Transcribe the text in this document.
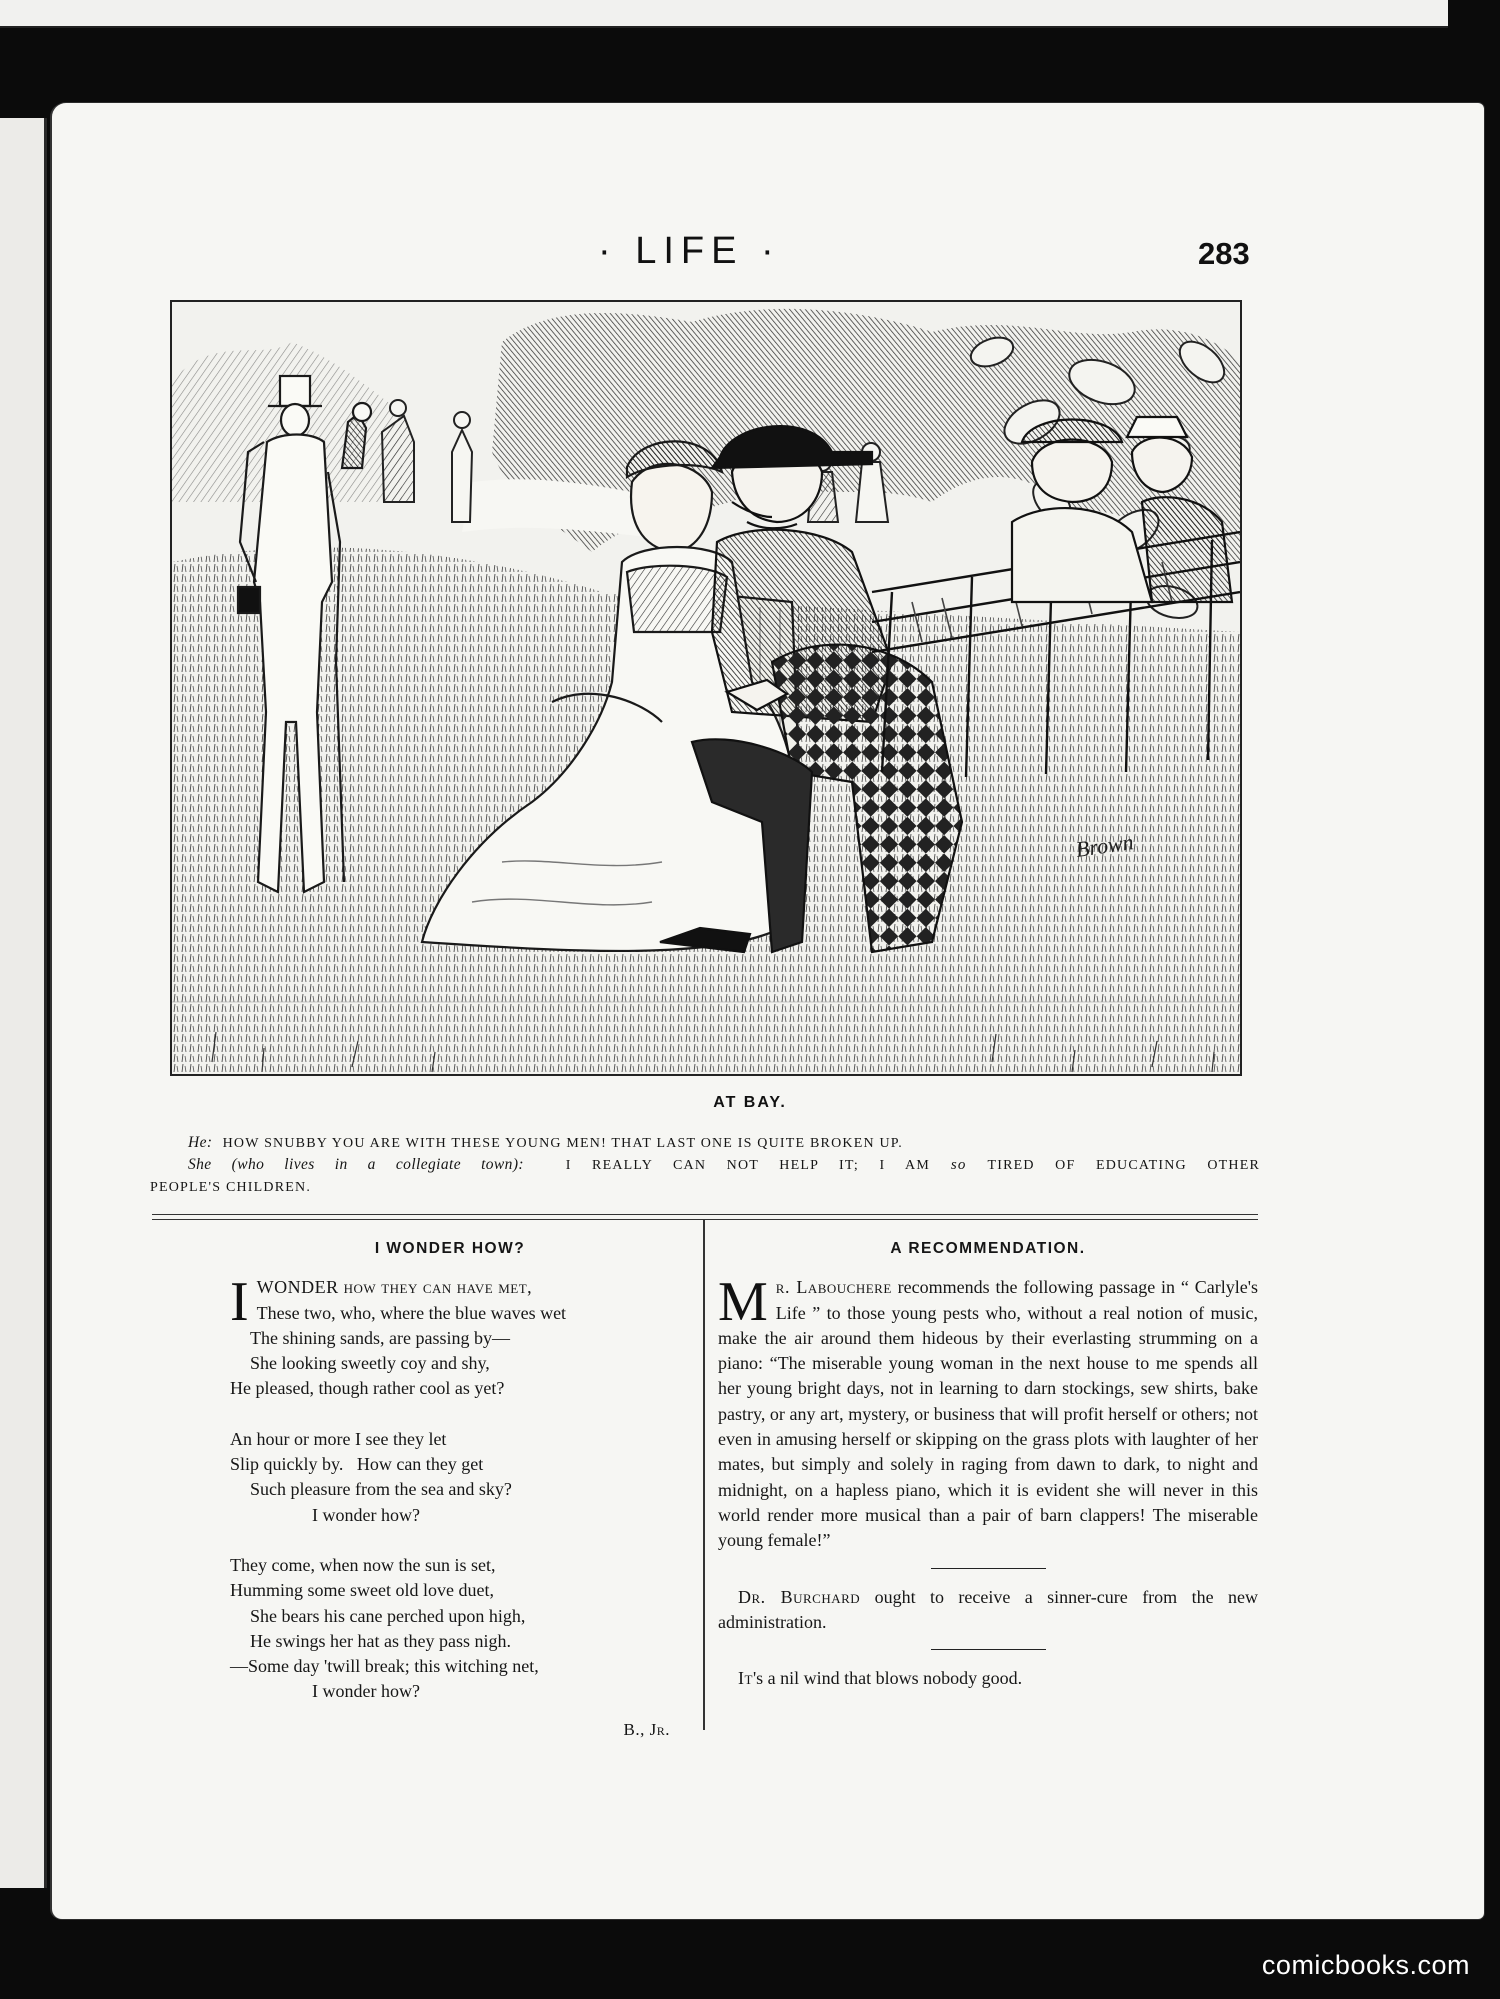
· LIFE ·	283
Brown
AT BAY.
He: HOW SNUBBY YOU ARE WITH THESE YOUNG MEN! THAT LAST ONE IS QUITE BROKEN UP.
She (who lives in a collegiate town):	I REALLY CAN NOT HELP IT; I AM so TIRED OF EDUCATING OTHER
PEOPLE'S CHILDREN.
I WONDER HOW?
I WONDER how they can have met,
These two, who, where the blue waves wet
The shining sands, are passing by—
She looking sweetly coy and shy,
He pleased, though rather cool as yet?
An hour or more I see they let
Slip quickly by.   How can they get
Such pleasure from the sea and sky?
I wonder how?
They come, when now the sun is set,
Humming some sweet old love duet,
She bears his cane perched upon high,
He swings her hat as they pass nigh.
—Some day 'twill break; this witching net,
I wonder how?
B., Jr.
A RECOMMENDATION.
M r. Labouchere recommends the following passage in “ Carlyle's Life ” to those young pests who, without a real notion of music, make the air around them hideous by their everlasting strumming on a piano: “The miserable young woman in the next house to me spends all her young bright days, not in learning to darn stockings, sew shirts, bake pastry, or any art, mystery, or business that will profit herself or others; not even in amusing herself or skipping on the grass plots with laughter of her mates, but simply and solely in raging from dawn to dark, to night and midnight, on a hapless piano, which it is evident she will never in this world render more musical than a pair of barn clappers! The miserable young female!”
Dr. Burchard ought to receive a sinner-cure from the new administration.
It's a nil wind that blows nobody good.
comicbooks.com
